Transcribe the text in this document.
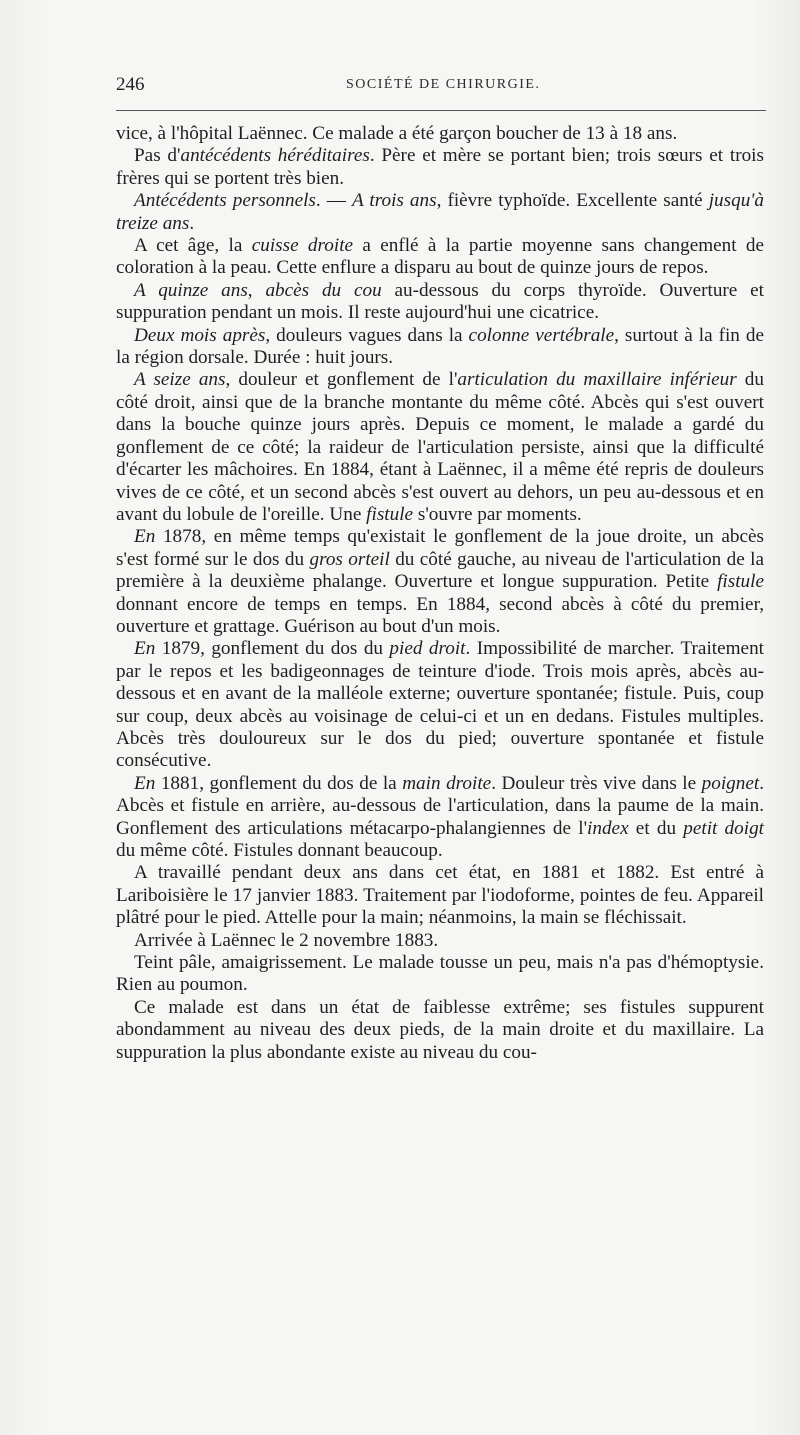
246	SOCIÉTÉ DE CHIRURGIE.

vice, à l'hôpital Laënnec. Ce malade a été garçon boucher de 13 à 18 ans.

Pas d'antécédents héréditaires. Père et mère se portant bien; trois sœurs et trois frères qui se portent très bien.

Antécédents personnels. — A trois ans, fièvre typhoïde. Excellente santé jusqu'à treize ans.

A cet âge, la cuisse droite a enflé à la partie moyenne sans changement de coloration à la peau. Cette enflure a disparu au bout de quinze jours de repos.

A quinze ans, abcès du cou au-dessous du corps thyroïde. Ouverture et suppuration pendant un mois. Il reste aujourd'hui une cicatrice.

Deux mois après, douleurs vagues dans la colonne vertébrale, surtout à la fin de la région dorsale. Durée : huit jours.

A seize ans, douleur et gonflement de l'articulation du maxillaire inférieur du côté droit, ainsi que de la branche montante du même côté. Abcès qui s'est ouvert dans la bouche quinze jours après. Depuis ce moment, le malade a gardé du gonflement de ce côté; la raideur de l'articulation persiste, ainsi que la difficulté d'écarter les mâchoires. En 1884, étant à Laënnec, il a même été repris de douleurs vives de ce côté, et un second abcès s'est ouvert au dehors, un peu au-dessous et en avant du lobule de l'oreille. Une fistule s'ouvre par moments.

En 1878, en même temps qu'existait le gonflement de la joue droite, un abcès s'est formé sur le dos du gros orteil du côté gauche, au niveau de l'articulation de la première à la deuxième phalange. Ouverture et longue suppuration. Petite fistule donnant encore de temps en temps. En 1884, second abcès à côté du premier, ouverture et grattage. Guérison au bout d'un mois.

En 1879, gonflement du dos du pied droit. Impossibilité de marcher. Traitement par le repos et les badigeonnages de teinture d'iode. Trois mois après, abcès au-dessous et en avant de la malléole externe; ouverture spontanée; fistule. Puis, coup sur coup, deux abcès au voisinage de celui-ci et un en dedans. Fistules multiples. Abcès très douloureux sur le dos du pied; ouverture spontanée et fistule consécutive.

En 1881, gonflement du dos de la main droite. Douleur très vive dans le poignet. Abcès et fistule en arrière, au-dessous de l'articulation, dans la paume de la main. Gonflement des articulations métacarpo-phalangiennes de l'index et du petit doigt du même côté. Fistules donnant beaucoup.

A travaillé pendant deux ans dans cet état, en 1881 et 1882. Est entré à Lariboisière le 17 janvier 1883. Traitement par l'iodoforme, pointes de feu. Appareil plâtré pour le pied. Attelle pour la main; néanmoins, la main se fléchissait.

Arrivée à Laënnec le 2 novembre 1883.

Teint pâle, amaigrissement. Le malade tousse un peu, mais n'a pas d'hémoptysie. Rien au poumon.

Ce malade est dans un état de faiblesse extrême; ses fistules suppurent abondamment au niveau des deux pieds, de la main droite et du maxillaire. La suppuration la plus abondante existe au niveau du cou-
